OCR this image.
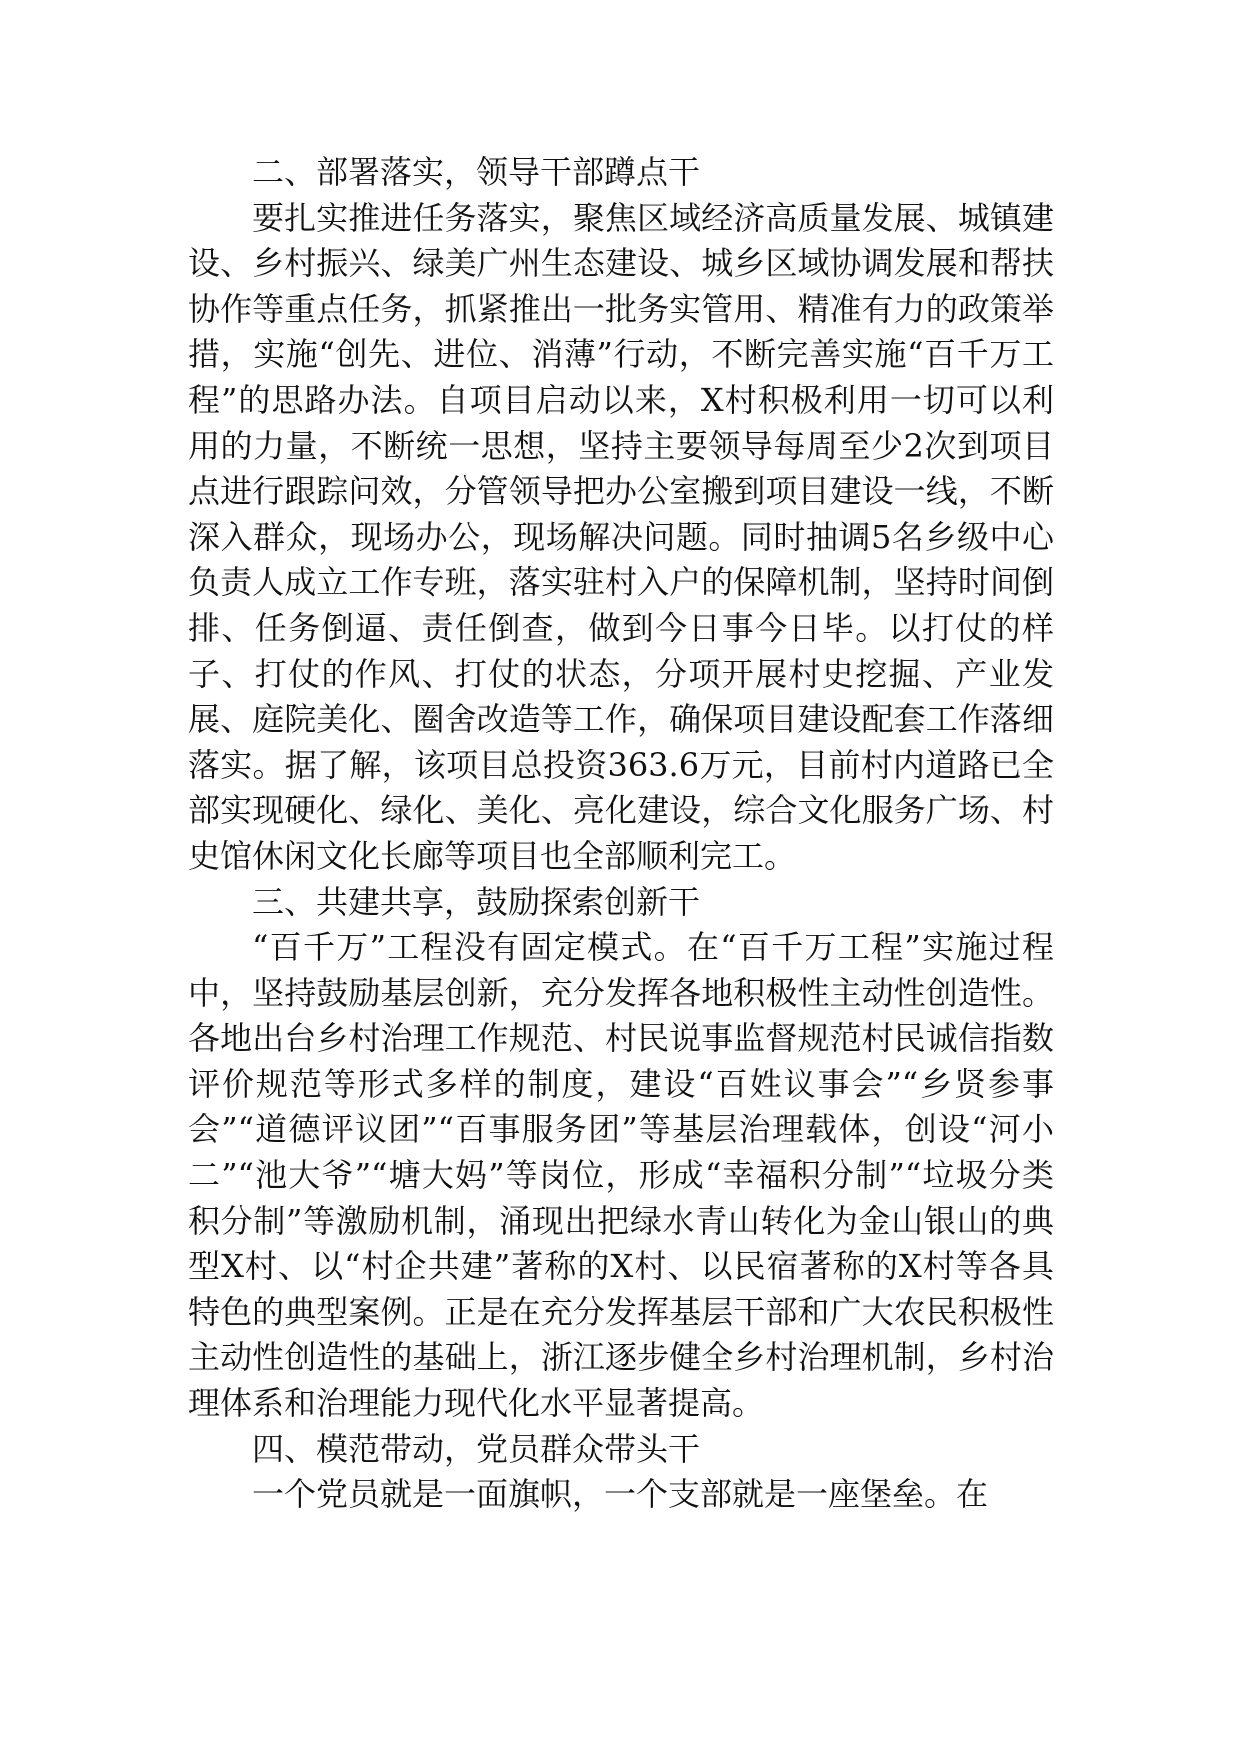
二、部署落实，领导干部蹲点干

要扎实推进任务落实，聚焦区域经济高质量发展、城镇建设、乡村振兴、绿美广州生态建设、城乡区域协调发展和帮扶协作等重点任务，抓紧推出一批务实管用、精准有力的政策举措，实施“创先、进位、消薄”行动，不断完善实施“百千万工程”的思路办法。自项目启动以来，X村积极利用一切可以利用的力量，不断统一思想，坚持主要领导每周至少2次到项目点进行跟踪问效，分管领导把办公室搬到项目建设一线，不断深入群众，现场办公，现场解决问题。同时抽调5名乡级中心负责人成立工作专班，落实驻村入户的保障机制，坚持时间倒排、任务倒逼、责任倒查，做到今日事今日毕。以打仗的样子、打仗的作风、打仗的状态，分项开展村史挖掘、产业发展、庭院美化、圈舍改造等工作，确保项目建设配套工作落细落实。据了解，该项目总投资363.6万元，目前村内道路已全部实现硬化、绿化、美化、亮化建设，综合文化服务广场、村史馆休闲文化长廊等项目也全部顺利完工。

三、共建共享，鼓励探索创新干

“百千万”工程没有固定模式。在“百千万工程”实施过程中，坚持鼓励基层创新，充分发挥各地积极性主动性创造性。各地出台乡村治理工作规范、村民说事监督规范村民诚信指数评价规范等形式多样的制度，建设“百姓议事会”“乡贤参事会”“道德评议团”“百事服务团”等基层治理载体，创设“河小二”“池大爷”“塘大妈”等岗位，形成“幸福积分制”“垃圾分类积分制”等激励机制，涌现出把绿水青山转化为金山银山的典型X村、以“村企共建”著称的X村、以民宿著称的X村等各具特色的典型案例。正是在充分发挥基层干部和广大农民积极性主动性创造性的基础上，浙江逐步健全乡村治理机制，乡村治理体系和治理能力现代化水平显著提高。

四、模范带动，党员群众带头干

一个党员就是一面旗帜，一个支部就是一座堡垒。在
